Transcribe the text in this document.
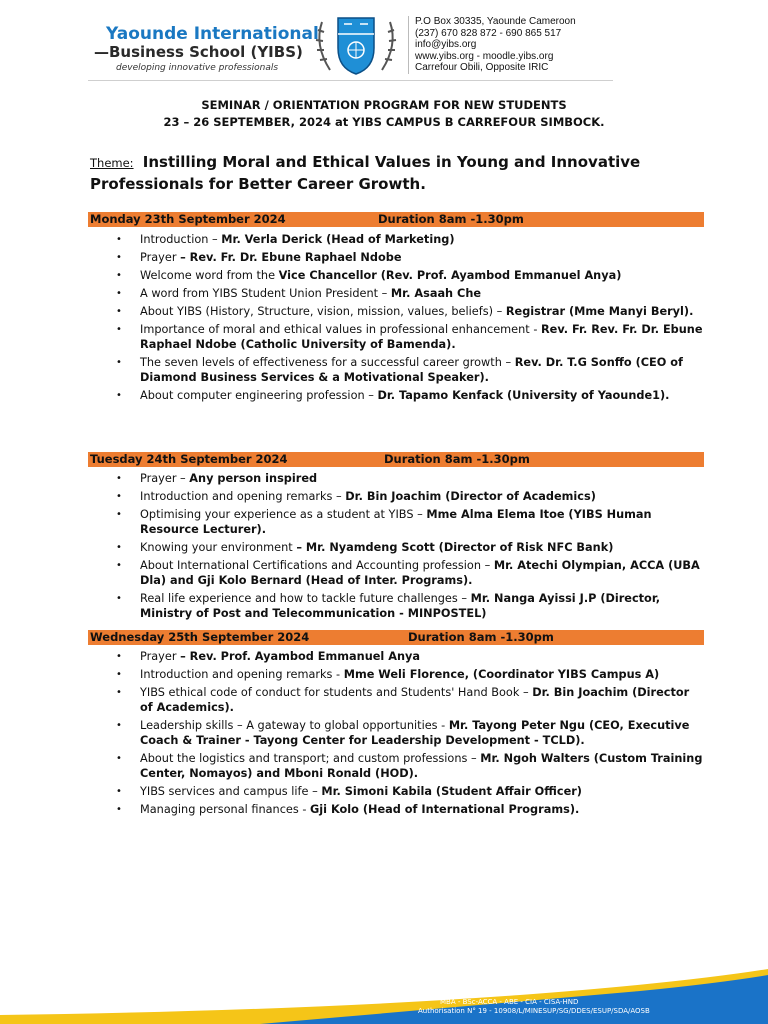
Yaounde International
—Business School (YIBS)
developing innovative professionals
P.O Box 30335, Yaounde Cameroon
(237) 670 828 872 - 690 865 517
info@yibs.org
www.yibs.org - moodle.yibs.org
Carrefour Obili, Opposite IRIC
SEMINAR / ORIENTATION PROGRAM FOR NEW STUDENTS
23 – 26 SEPTEMBER, 2024 at YIBS CAMPUS B CARREFOUR SIMBOCK.
Theme: Instilling Moral and Ethical Values in Young and Innovative Professionals for Better Career Growth.
Monday 23th September 2024	Duration 8am -1.30pm
• Introduction – Mr. Verla Derick (Head of Marketing)
• Prayer – Rev. Fr. Dr. Ebune Raphael Ndobe
• Welcome word from the Vice Chancellor (Rev. Prof. Ayambod Emmanuel Anya)
• A word from YIBS Student Union President – Mr. Asaah Che
• About YIBS (History, Structure, vision, mission, values, beliefs) – Registrar (Mme Manyi Beryl).
• Importance of moral and ethical values in professional enhancement - Rev. Fr. Rev. Fr. Dr. Ebune Raphael Ndobe (Catholic University of Bamenda).
• The seven levels of effectiveness for a successful career growth – Rev. Dr. T.G Sonffo (CEO of Diamond Business Services & a Motivational Speaker).
• About computer engineering profession – Dr. Tapamo Kenfack (University of Yaounde1).
Tuesday 24th September 2024	Duration 8am -1.30pm
• Prayer – Any person inspired
• Introduction and opening remarks – Dr. Bin Joachim (Director of Academics)
• Optimising your experience as a student at YIBS – Mme Alma Elema Itoe (YIBS Human Resource Lecturer).
• Knowing your environment – Mr. Nyamdeng Scott (Director of Risk NFC Bank)
• About International Certifications and Accounting profession – Mr. Atechi Olympian, ACCA (UBA Dla) and Gji Kolo Bernard (Head of Inter. Programs).
• Real life experience and how to tackle future challenges – Mr. Nanga Ayissi J.P (Director, Ministry of Post and Telecommunication - MINPOSTEL)
Wednesday 25th September 2024	Duration 8am -1.30pm
• Prayer – Rev. Prof. Ayambod Emmanuel Anya
• Introduction and opening remarks - Mme Weli Florence, (Coordinator YIBS Campus A)
• YIBS ethical code of conduct for students and Students' Hand Book – Dr. Bin Joachim (Director of Academics).
• Leadership skills – A gateway to global opportunities - Mr. Tayong Peter Ngu (CEO, Executive Coach & Trainer - Tayong Center for Leadership Development - TCLD).
• About the logistics and transport; and custom professions – Mr. Ngoh Walters (Custom Training Center, Nomayos) and Mboni Ronald (HOD).
• YIBS services and campus life – Mr. Simoni Kabila (Student Affair Officer)
• Managing personal finances - Gji Kolo (Head of International Programs).
MBA - BSc-ACCA - ABE - CIA - CISA-HND
Authorisation N° 19 - 10908/L/MINESUP/SG/DDES/ESUP/SDA/AOSB
